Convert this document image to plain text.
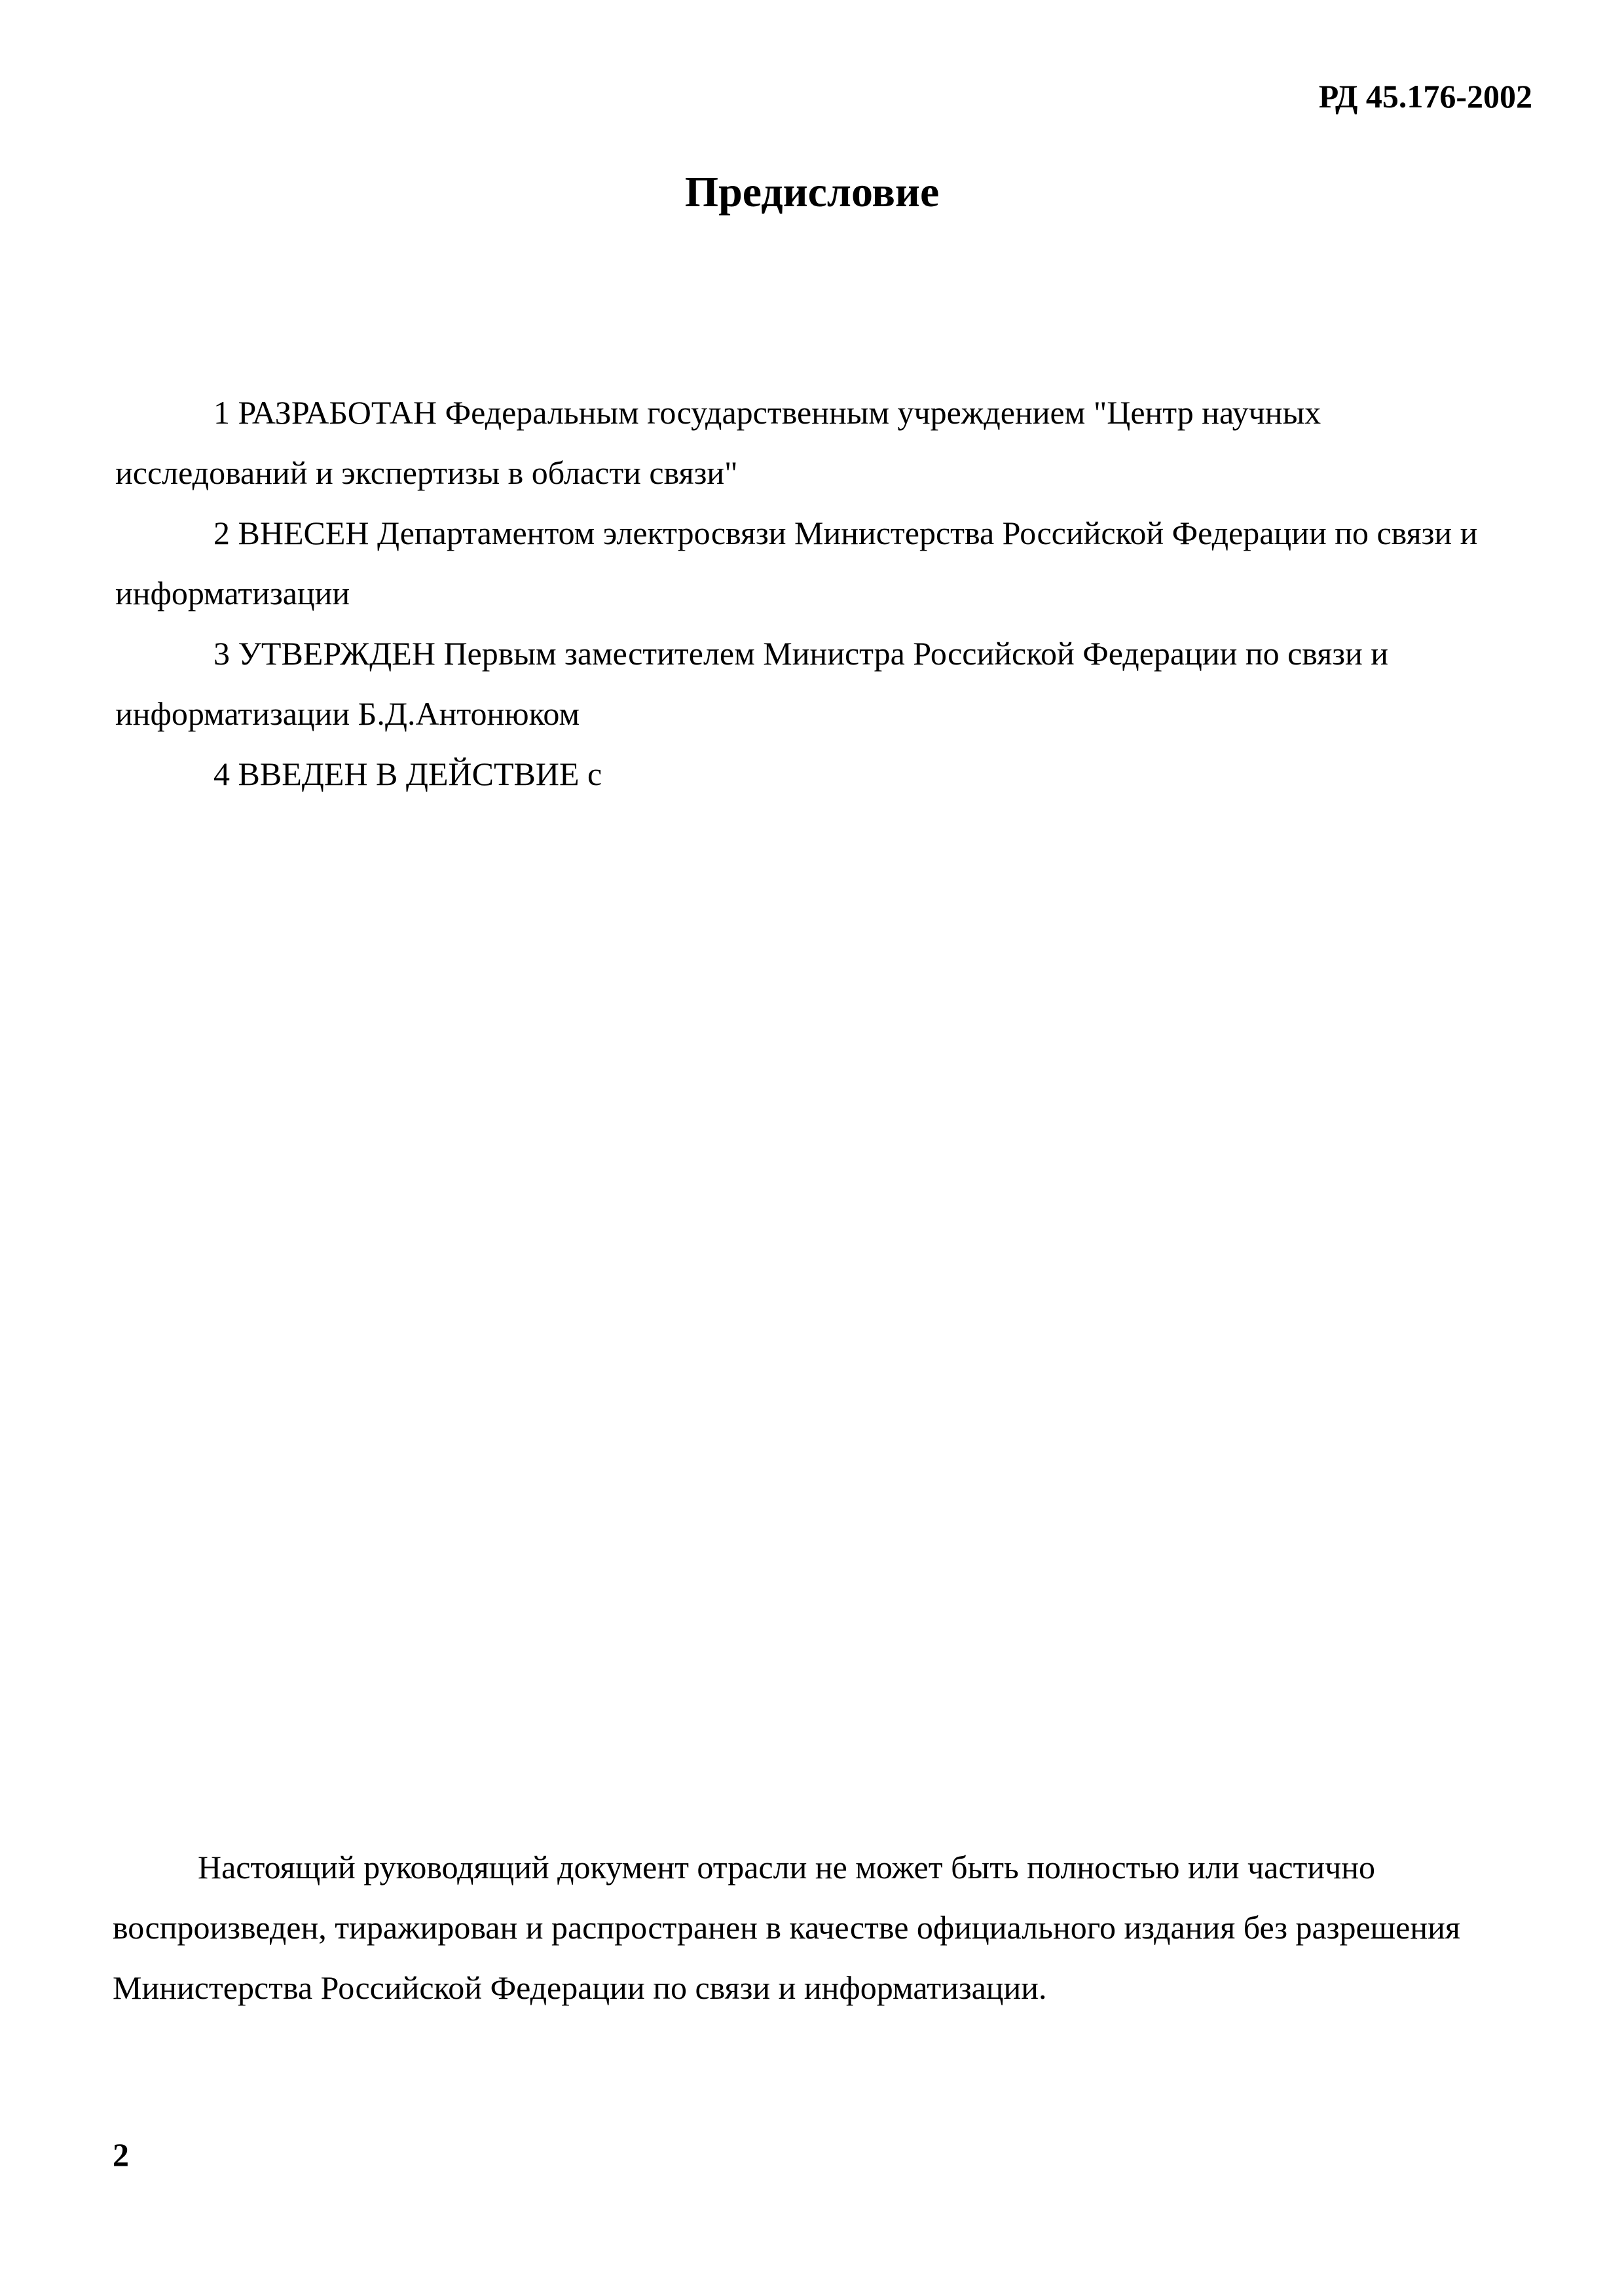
РД 45.176-2002
Предисловие

1 РАЗРАБОТАН Федеральным государственным учреждением "Центр научных исследований и экспертизы в области связи"

2 ВНЕСЕН Департаментом электросвязи Министерства Российской Федерации по связи и информатизации

3 УТВЕРЖДЕН Первым заместителем Министра Российской Федерации по связи и информатизации Б.Д.Антонюком

4 ВВЕДЕН В ДЕЙСТВИЕ с

Настоящий руководящий документ отрасли не может быть полностью или частично воспроизведен, тиражирован и распространен в качестве официального издания без разрешения Министерства Российской Федерации по связи и информатизации.

2
